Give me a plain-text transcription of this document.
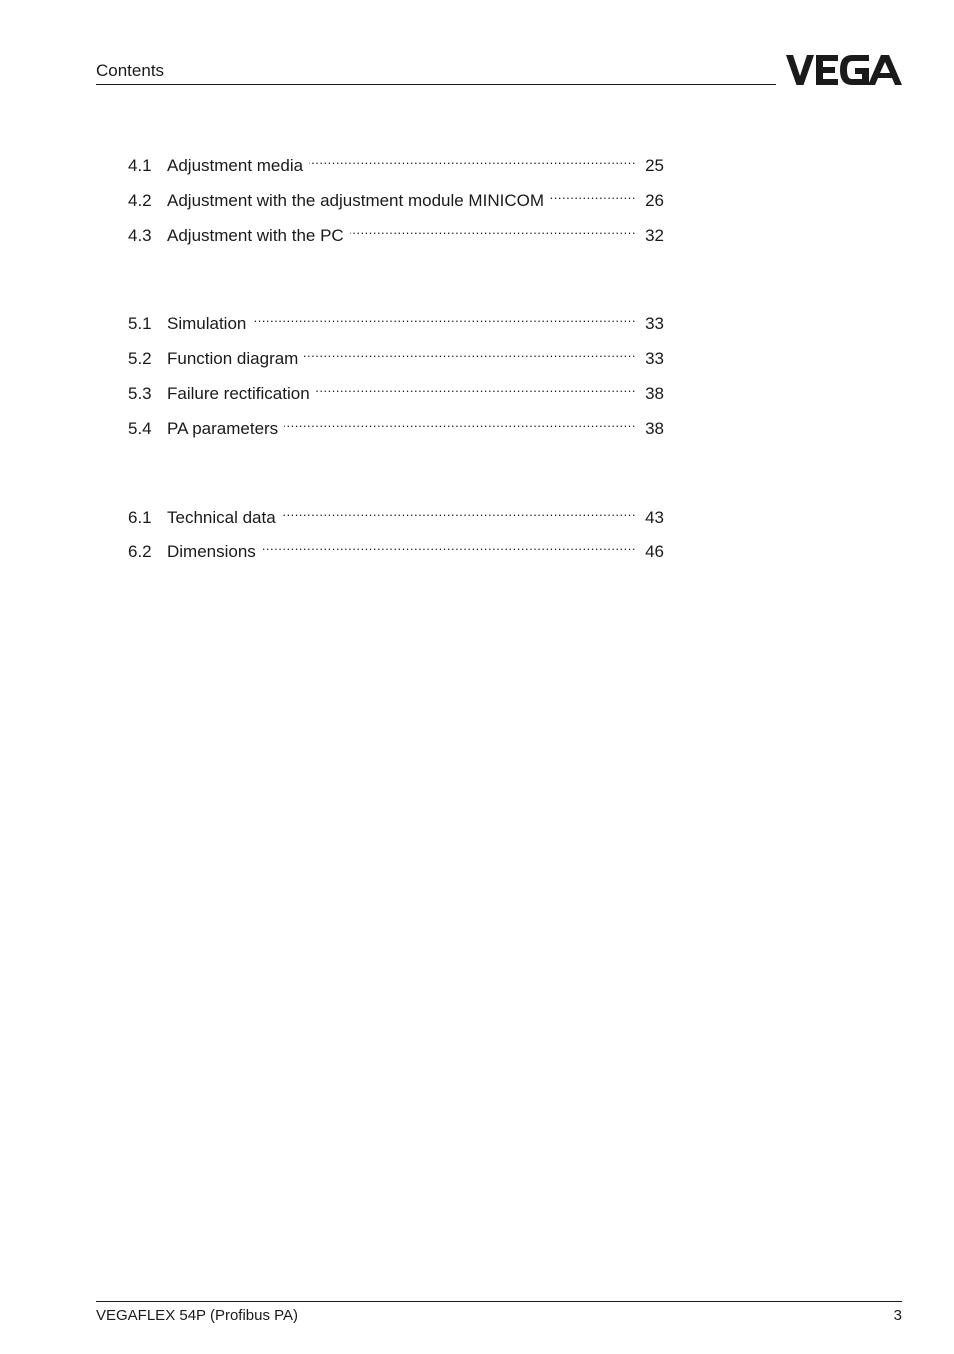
Contents
4.1 Adjustment media .....	25
4.2 Adjustment with the adjustment module MINICOM .....	26
4.3 Adjustment with the PC .....	32
5.1 Simulation .....	33
5.2 Function diagram .....	33
5.3 Failure rectification .....	38
5.4 PA parameters .....	38
6.1 Technical data .....	43
6.2 Dimensions .....	46
VEGAFLEX 54P (Profibus PA)	3
